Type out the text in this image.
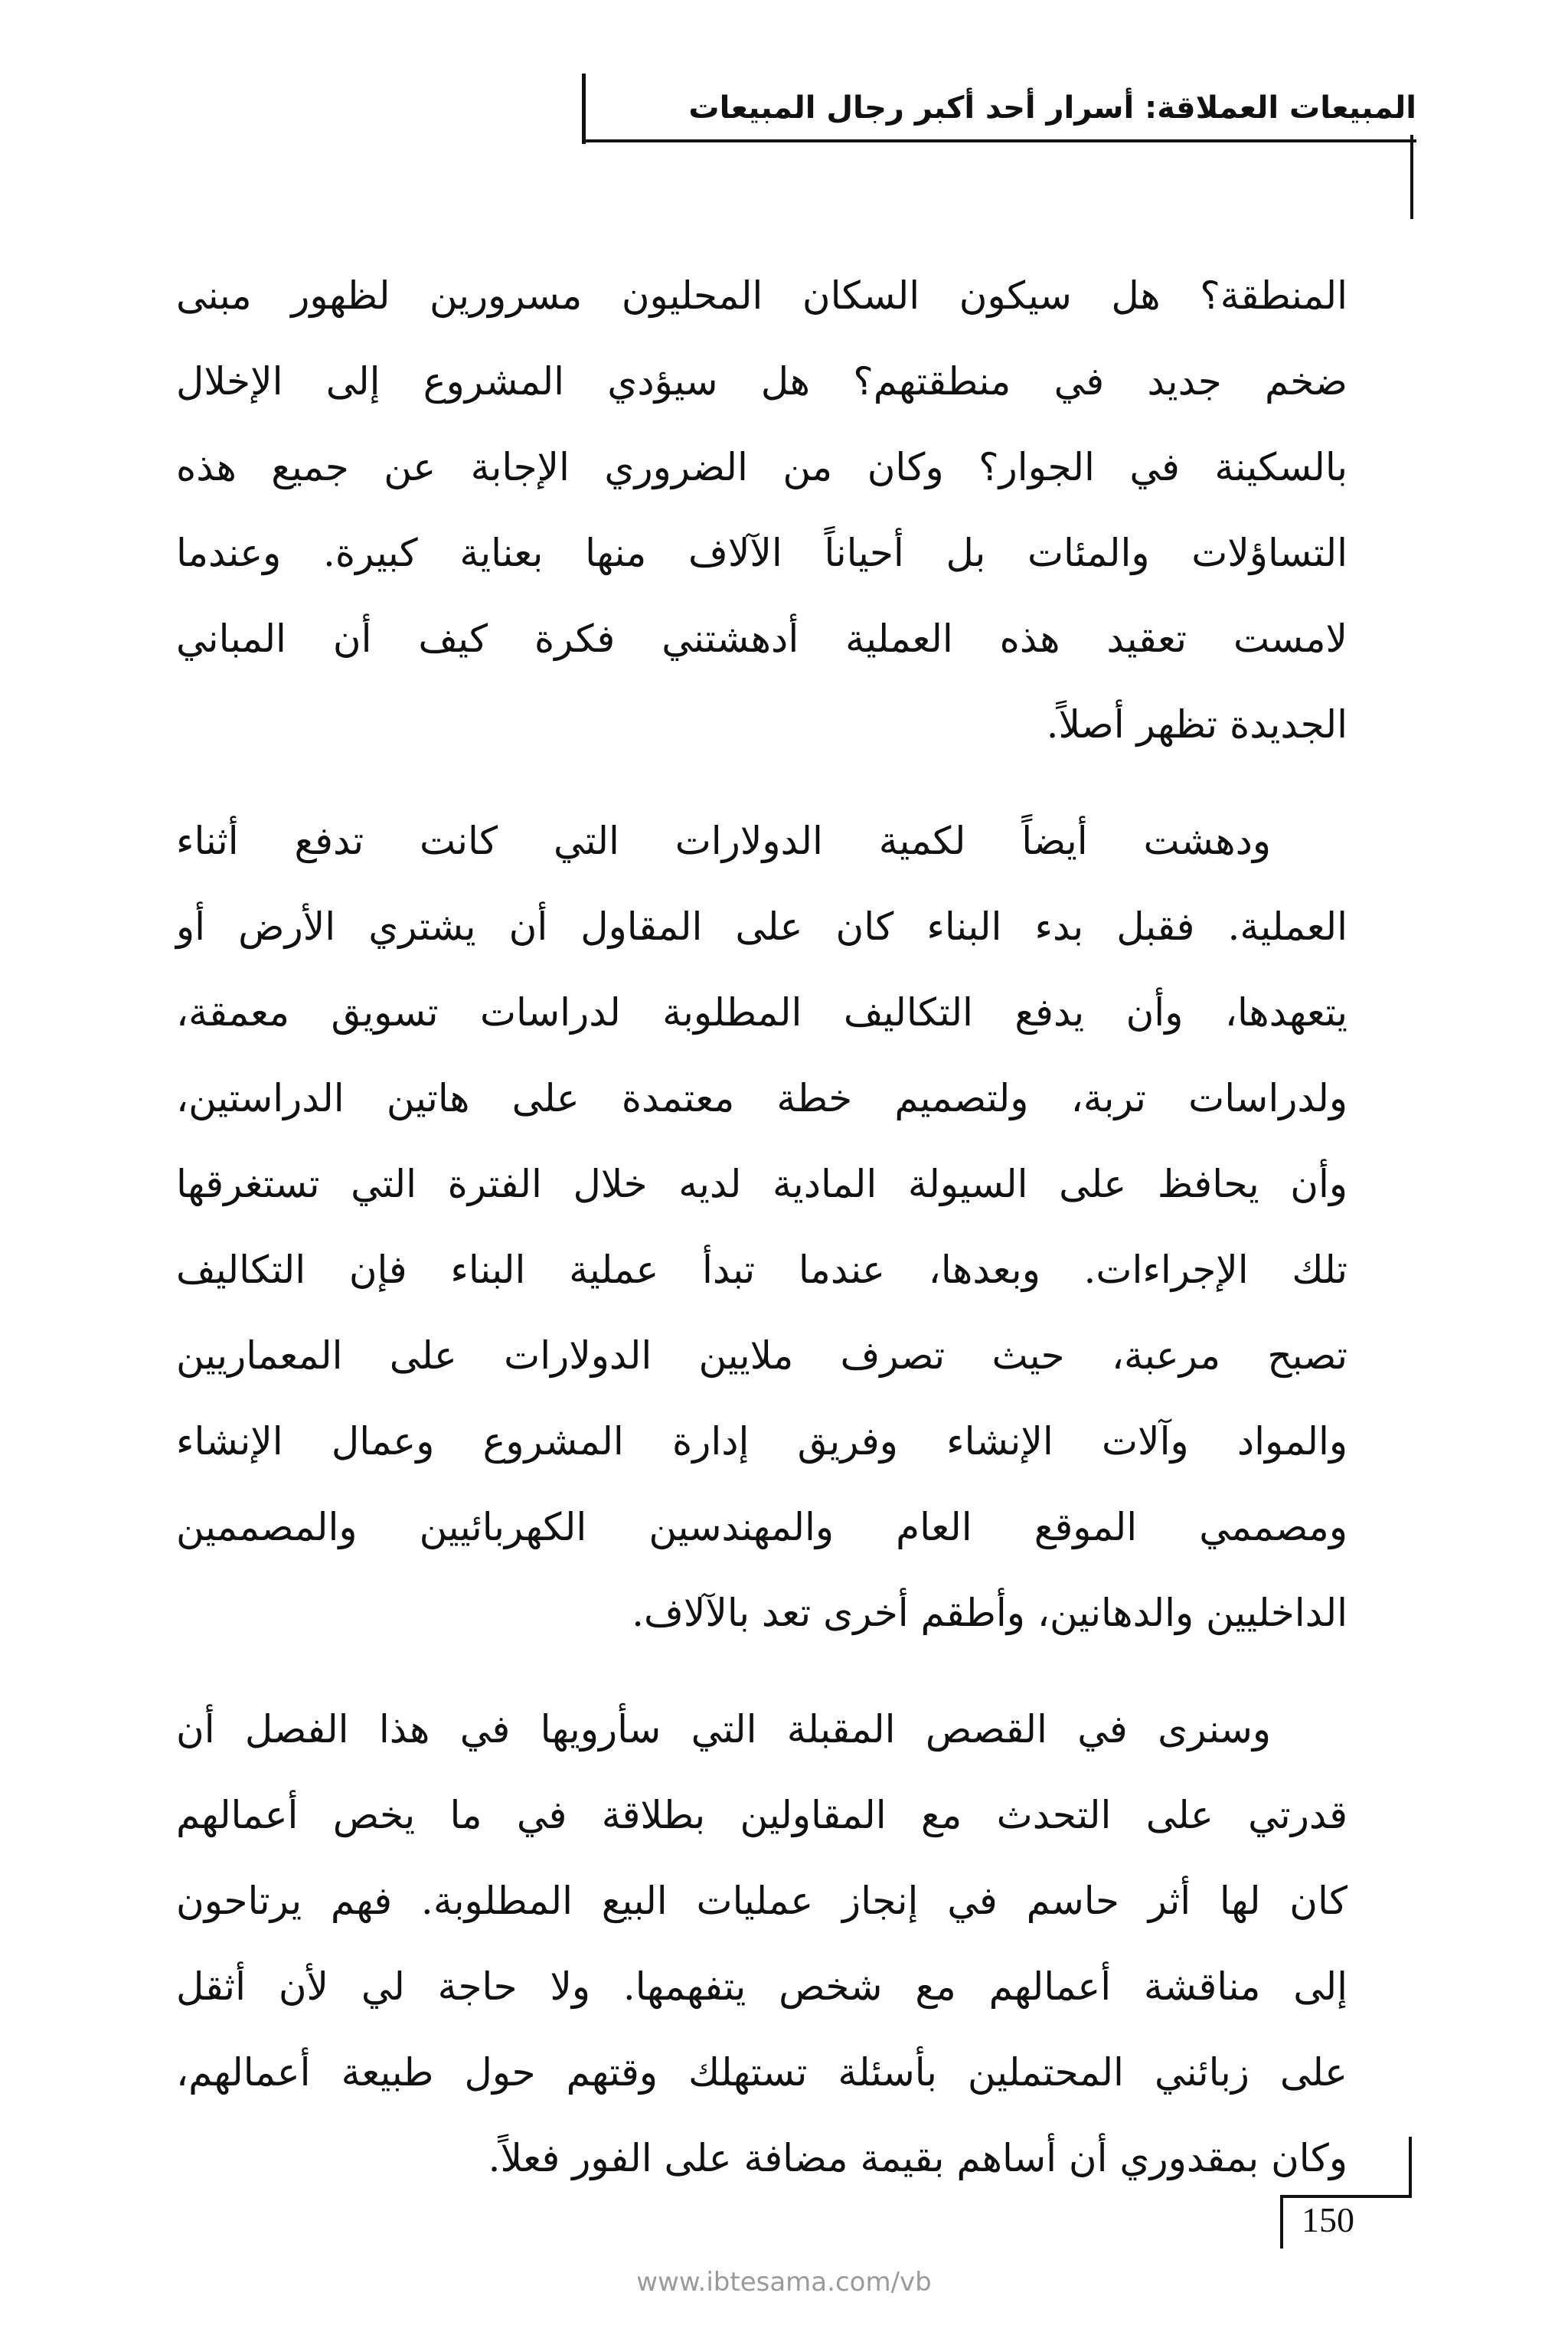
المبيعات العملاقة: أسرار أحد أكبر رجال المبيعات
المنطقة؟ هل سيكون السكان المحليون مسرورين لظهور مبنى
ضخم جديد في منطقتهم؟ هل سيؤدي المشروع إلى الإخلال
بالسكينة في الجوار؟ وكان من الضروري الإجابة عن جميع هذه
التساؤلات والمئات بل أحياناً الآلاف منها بعناية كبيرة. وعندما
لامست تعقيد هذه العملية أدهشتني فكرة كيف أن المباني
الجديدة تظهر أصلاً.
ودهشت أيضاً لكمية الدولارات التي كانت تدفع أثناء
العملية. فقبل بدء البناء كان على المقاول أن يشتري الأرض أو
يتعهدها، وأن يدفع التكاليف المطلوبة لدراسات تسويق معمقة،
ولدراسات تربة، ولتصميم خطة معتمدة على هاتين الدراستين،
وأن يحافظ على السيولة المادية لديه خلال الفترة التي تستغرقها
تلك الإجراءات. وبعدها، عندما تبدأ عملية البناء فإن التكاليف
تصبح مرعبة، حيث تصرف ملايين الدولارات على المعماريين
والمواد وآلات الإنشاء وفريق إدارة المشروع وعمال الإنشاء
ومصممي الموقع العام والمهندسين الكهربائيين والمصممين
الداخليين والدهانين، وأطقم أخرى تعد بالآلاف.
وسنرى في القصص المقبلة التي سأرويها في هذا الفصل أن
قدرتي على التحدث مع المقاولين بطلاقة في ما يخص أعمالهم
كان لها أثر حاسم في إنجاز عمليات البيع المطلوبة. فهم يرتاحون
إلى مناقشة أعمالهم مع شخص يتفهمها. ولا حاجة لي لأن أثقل
على زبائني المحتملين بأسئلة تستهلك وقتهم حول طبيعة أعمالهم،
وكان بمقدوري أن أساهم بقيمة مضافة على الفور فعلاً.
150
www.ibtesama.com/vb
